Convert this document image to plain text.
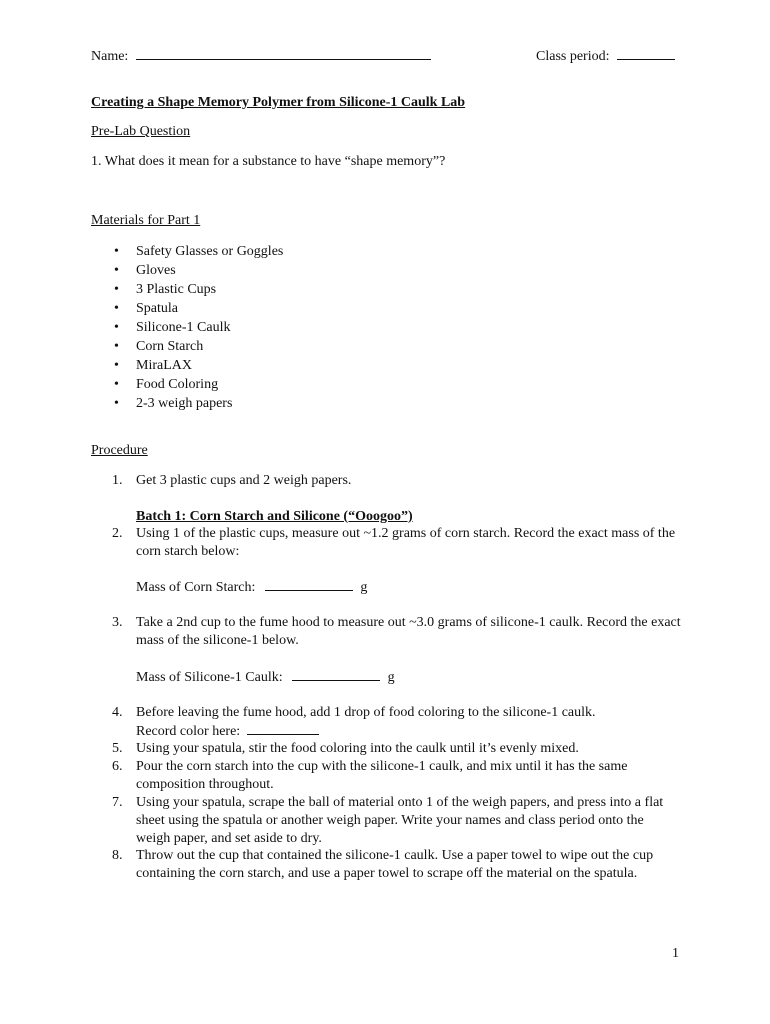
Name:	Class period:
Creating a Shape Memory Polymer from Silicone-1 Caulk Lab
Pre-Lab Question
1. What does it mean for a substance to have “shape memory”?
Materials for Part 1
• Safety Glasses or Goggles
• Gloves
• 3 Plastic Cups
• Spatula
• Silicone-1 Caulk
• Corn Starch
• MiraLAX
• Food Coloring
• 2-3 weigh papers
Procedure
1. Get 3 plastic cups and 2 weigh papers.
Batch 1: Corn Starch and Silicone (“Ooogoo”)
2. Using 1 of the plastic cups, measure out ~1.2 grams of corn starch. Record the exact mass of the corn starch below:
Mass of Corn Starch:	g
3. Take a 2nd cup to the fume hood to measure out ~3.0 grams of silicone-1 caulk. Record the exact mass of the silicone-1 below.
Mass of Silicone-1 Caulk:	g
4. Before leaving the fume hood, add 1 drop of food coloring to the silicone-1 caulk.
Record color here:
5. Using your spatula, stir the food coloring into the caulk until it’s evenly mixed.
6. Pour the corn starch into the cup with the silicone-1 caulk, and mix until it has the same composition throughout.
7. Using your spatula, scrape the ball of material onto 1 of the weigh papers, and press into a flat sheet using the spatula or another weigh paper. Write your names and class period onto the weigh paper, and set aside to dry.
8. Throw out the cup that contained the silicone-1 caulk. Use a paper towel to wipe out the cup containing the corn starch, and use a paper towel to scrape off the material on the spatula.
1
